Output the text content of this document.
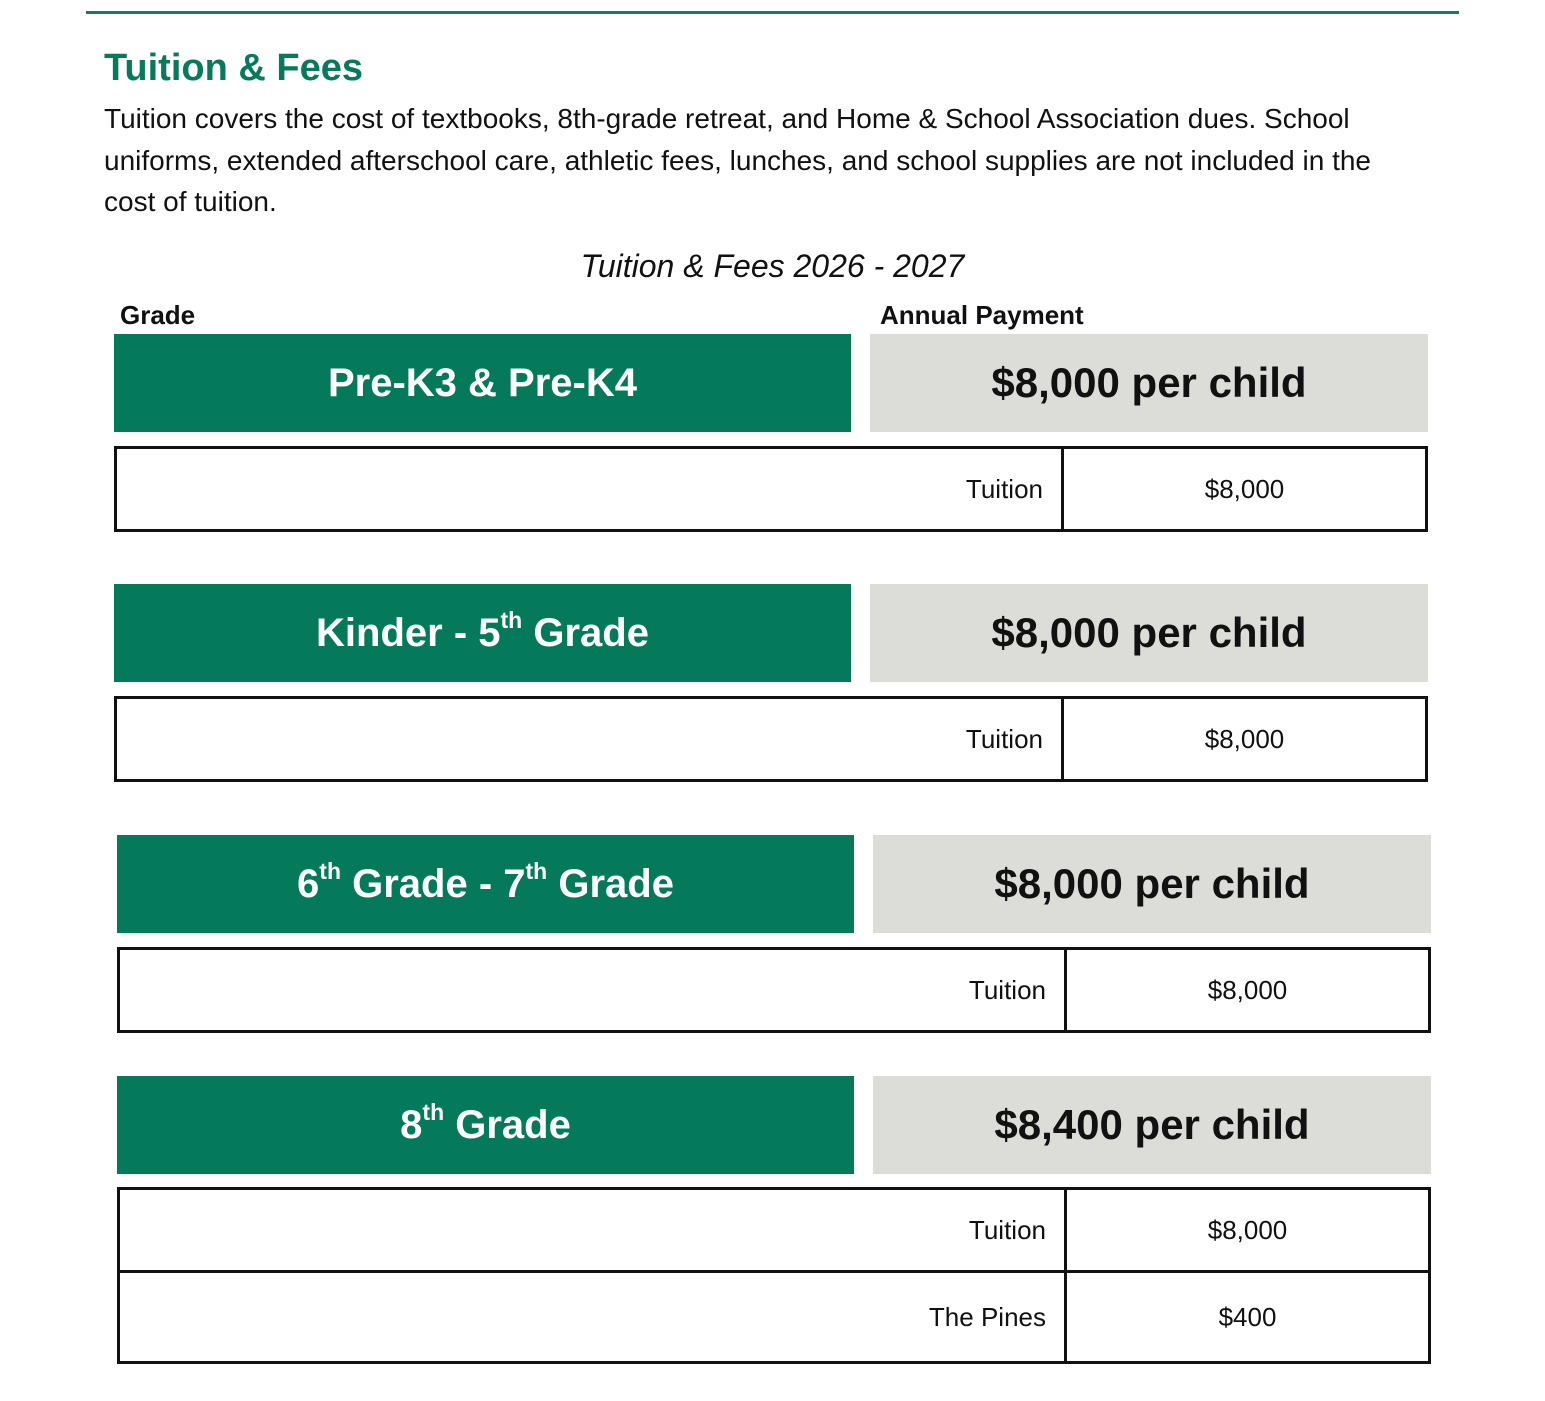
Tuition & Fees

Tuition covers the cost of textbooks, 8th-grade retreat, and Home & School Association dues. School uniforms, extended afterschool care, athletic fees, lunches, and school supplies are not included in the cost of tuition.

Tuition & Fees 2026 - 2027
Grade	Annual Payment
Pre-K3 & Pre-K4	$8,000 per child
Tuition	$8,000
Kinder - 5th Grade	$8,000 per child
Tuition	$8,000
6th Grade - 7th Grade	$8,000 per child
Tuition	$8,000
8th Grade	$8,400 per child
Tuition	$8,000
The Pines	$400
